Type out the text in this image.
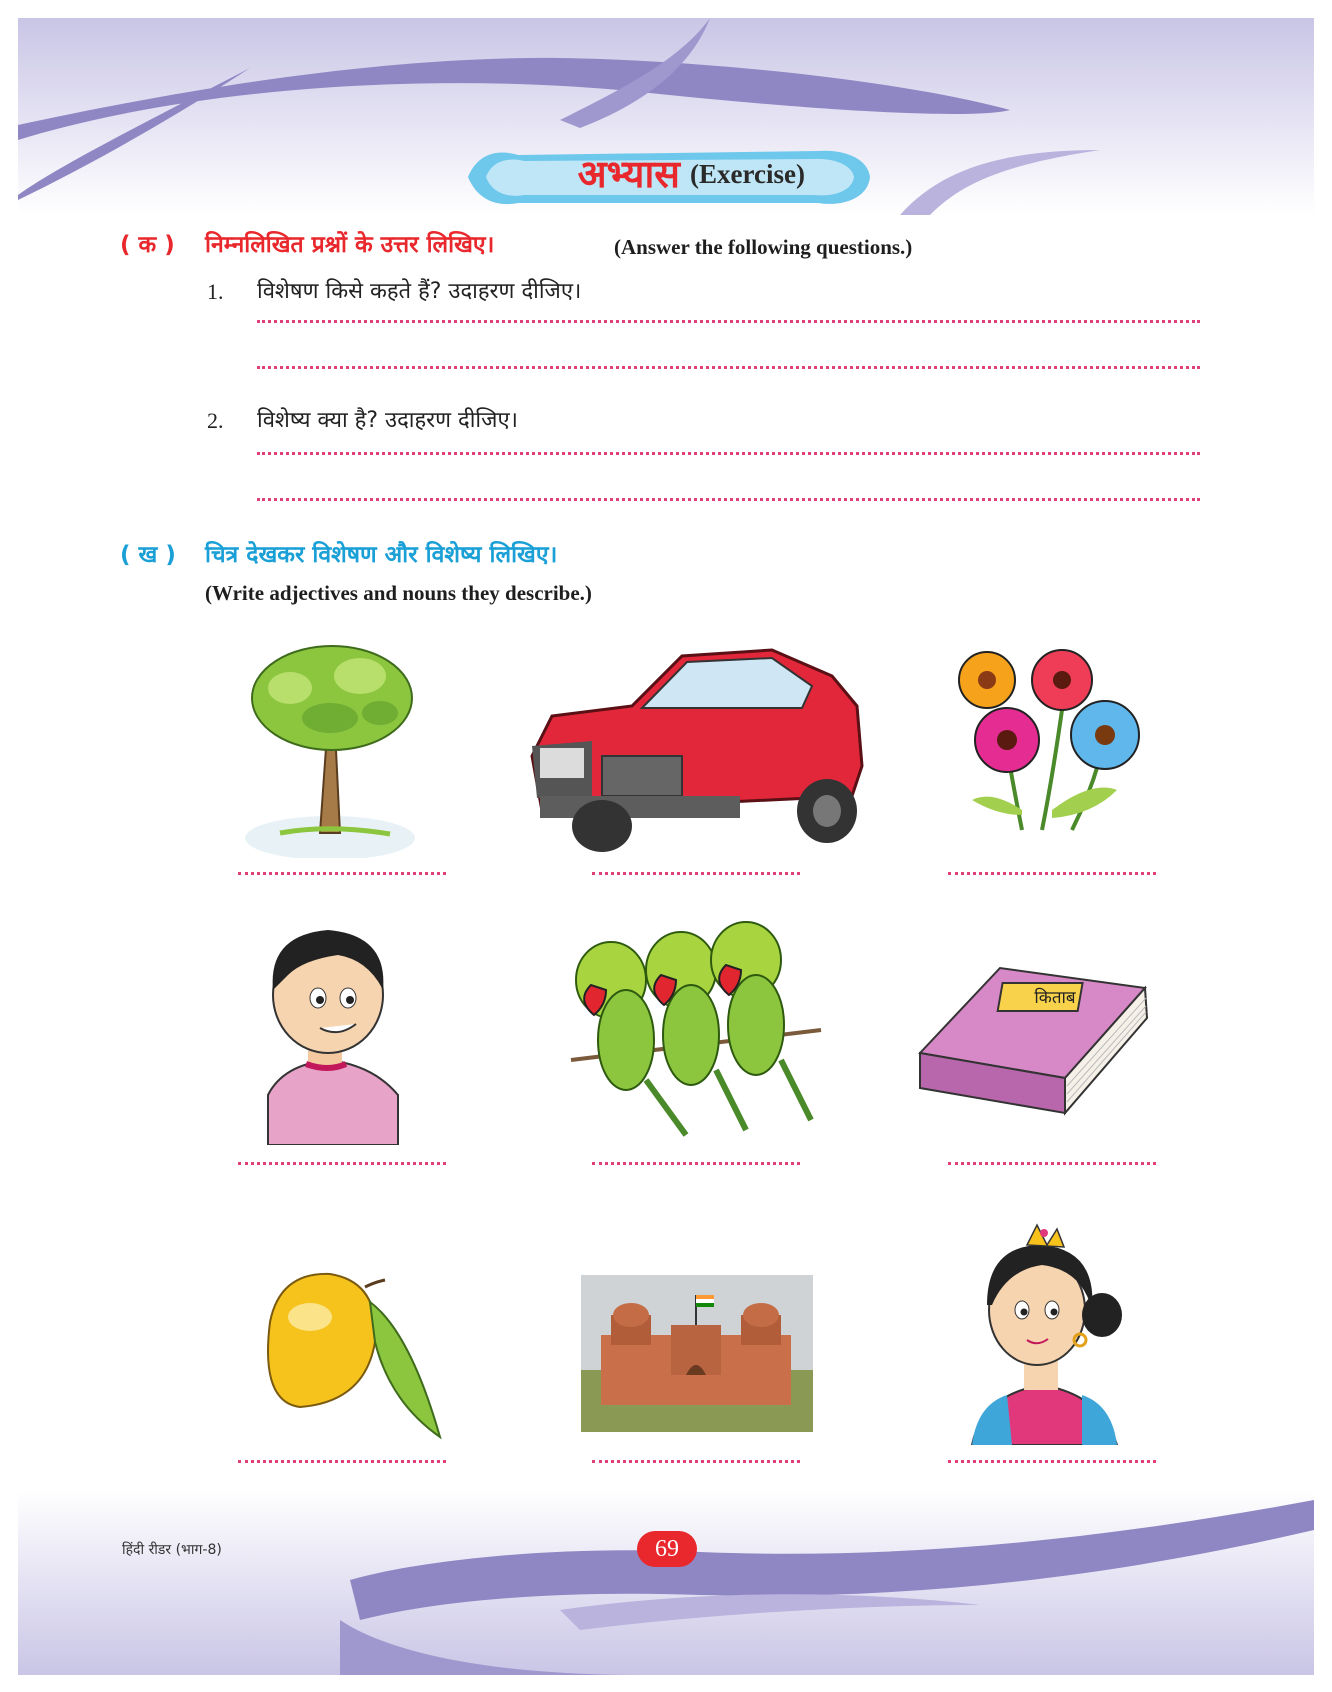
अभ्यास (Exercise)
( क ) निम्नलिखित प्रश्नों के उत्तर लिखिए।	(Answer the following questions.)
1. विशेषण किसे कहते हैं? उदाहरण दीजिए।
2. विशेष्य क्या है? उदाहरण दीजिए।
( ख ) चित्र देखकर विशेषण और विशेष्य लिखिए।
(Write adjectives and nouns they describe.)
किताब
हिंदी रीडर (भाग-8)	69
